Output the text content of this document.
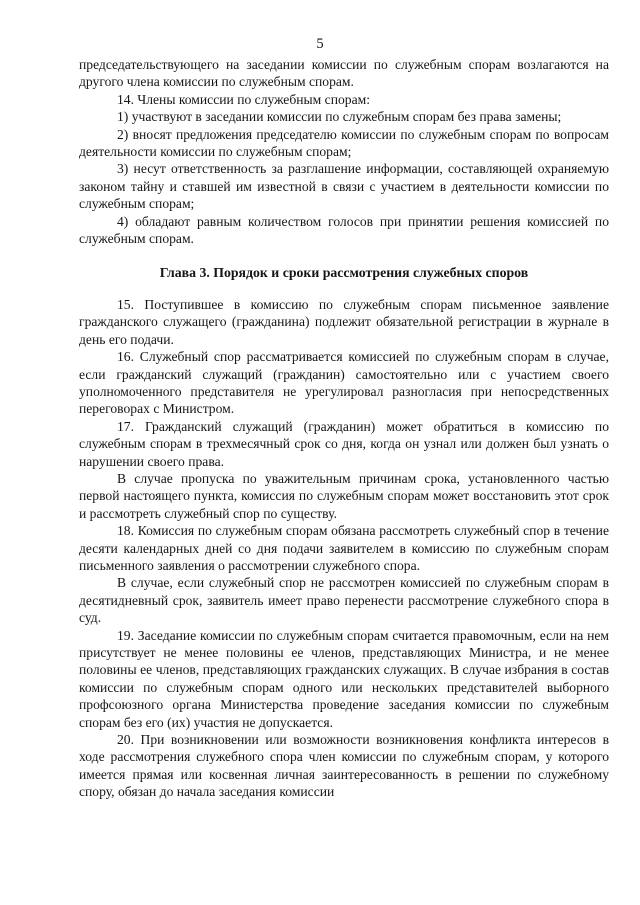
5

председательствующего на заседании комиссии по служебным спорам возлагаются на другого члена комиссии по служебным спорам.

14. Члены комиссии по служебным спорам:

1) участвуют в заседании комиссии по служебным спорам без права замены;

2) вносят предложения председателю комиссии по служебным спорам по вопросам деятельности комиссии по служебным спорам;

3) несут ответственность за разглашение информации, составляющей охраняемую законом тайну и ставшей им известной в связи с участием в деятельности комиссии по служебным спорам;

4) обладают равным количеством голосов при принятии решения комиссией по служебным спорам.

Глава 3. Порядок и сроки рассмотрения служебных споров

15. Поступившее в комиссию по служебным спорам письменное заявление гражданского служащего (гражданина) подлежит обязательной регистрации в журнале в день его подачи.

16. Служебный спор рассматривается комиссией по служебным спорам в случае, если гражданский служащий (гражданин) самостоятельно или с участием своего уполномоченного представителя не урегулировал разногласия при непосредственных переговорах с Министром.

17. Гражданский служащий (гражданин) может обратиться в комиссию по служебным спорам в трехмесячный срок со дня, когда он узнал или должен был узнать о нарушении своего права.

В случае пропуска по уважительным причинам срока, установленного частью первой настоящего пункта, комиссия по служебным спорам может восстановить этот срок и рассмотреть служебный спор по существу.

18. Комиссия по служебным спорам обязана рассмотреть служебный спор в течение десяти календарных дней со дня подачи заявителем в комиссию по служебным спорам письменного заявления о рассмотрении служебного спора.

В случае, если служебный спор не рассмотрен комиссией по служебным спорам в десятидневный срок, заявитель имеет право перенести рассмотрение служебного спора в суд.

19. Заседание комиссии по служебным спорам считается правомочным, если на нем присутствует не менее половины ее членов, представляющих Министра, и не менее половины ее членов, представляющих гражданских служащих. В случае избрания в состав комиссии по служебным спорам одного или нескольких представителей выборного профсоюзного органа Министерства проведение заседания комиссии по служебным спорам без его (их) участия не допускается.

20. При возникновении или возможности возникновения конфликта интересов в ходе рассмотрения служебного спора член комиссии по служебным спорам, у которого имеется прямая или косвенная личная заинтересованность в решении по служебному спору, обязан до начала заседания комиссии
